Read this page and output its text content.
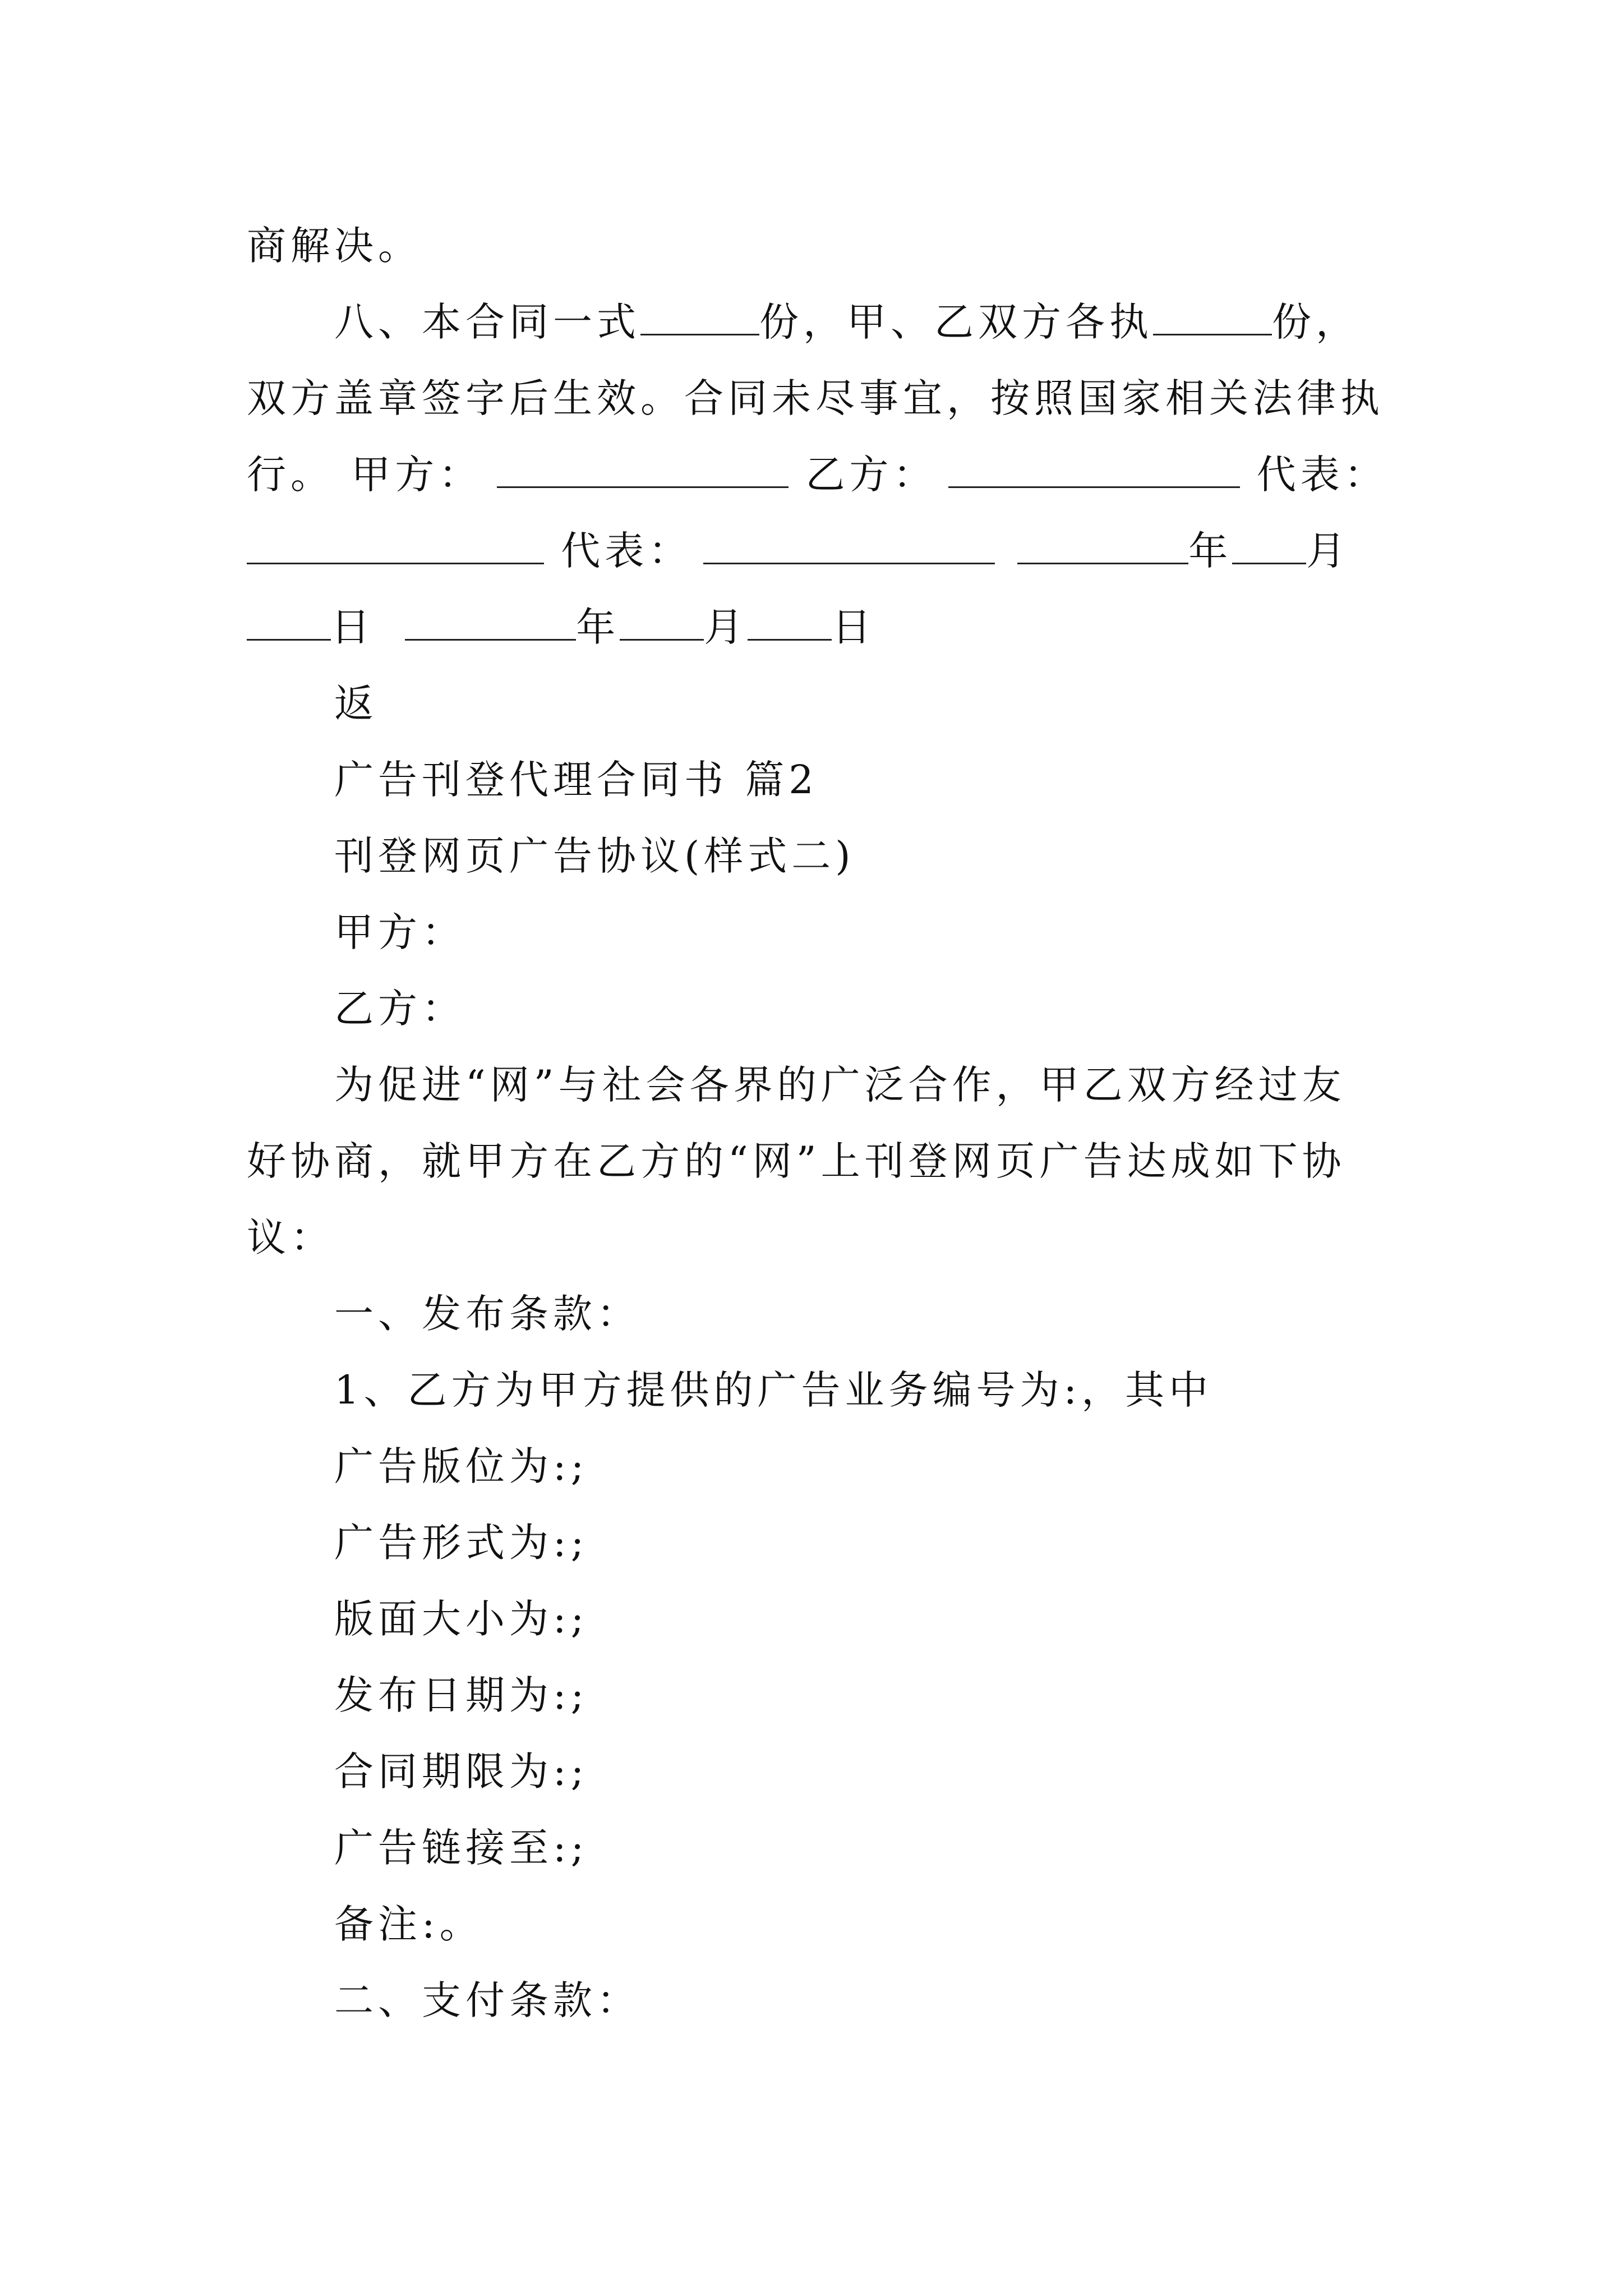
商解决。
八、本合同一式	份，甲、乙双方各执	份，
双方盖章签字后生效。合同未尽事宜，按照国家相关法律执
行。 甲方：	乙方：	代表：
代表：	年 月
日	年 月 日
返
广告刊登代理合同书 篇2
刊登网页广告协议(样式二)
甲方：
乙方：
为促进“网”与社会各界的广泛合作，甲乙双方经过友
好协商，就甲方在乙方的“网”上刊登网页广告达成如下协
议：
一、发布条款：
1、乙方为甲方提供的广告业务编号为:，其中
广告版位为:;
广告形式为:;
版面大小为:;
发布日期为:;
合同期限为:;
广告链接至:;
备注:。
二、支付条款：
